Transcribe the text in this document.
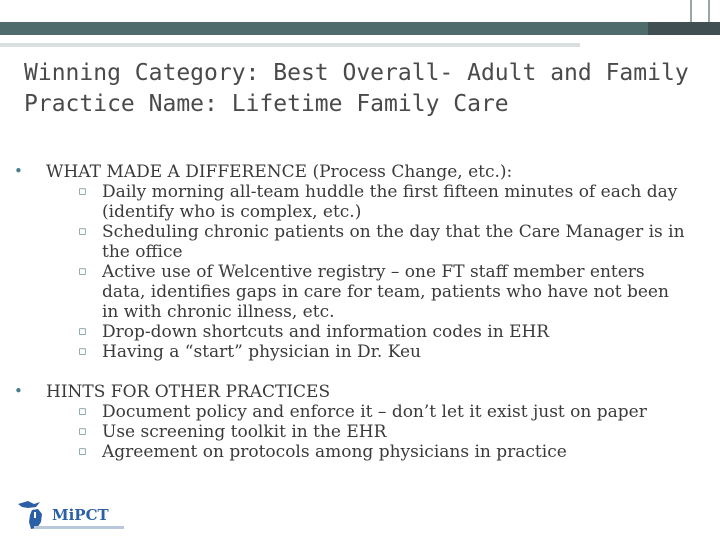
Winning Category: Best Overall- Adult and Family
Practice Name: Lifetime Family Care
• WHAT MADE A DIFFERENCE (Process Change, etc.):
▫ Daily morning all-team huddle the first fifteen minutes of each day (identify who is complex, etc.)
▫ Scheduling chronic patients on the day that the Care Manager is in the office
▫ Active use of Welcentive registry – one FT staff member enters data, identifies gaps in care for team, patients who have not been in with chronic illness, etc.
▫ Drop-down shortcuts and information codes in EHR
▫ Having a “start” physician in Dr. Keu
• HINTS FOR OTHER PRACTICES
▫ Document policy and enforce it – don’t let it exist just on paper
▫ Use screening toolkit in the EHR
▫ Agreement on protocols among physicians in practice
MiPCT
